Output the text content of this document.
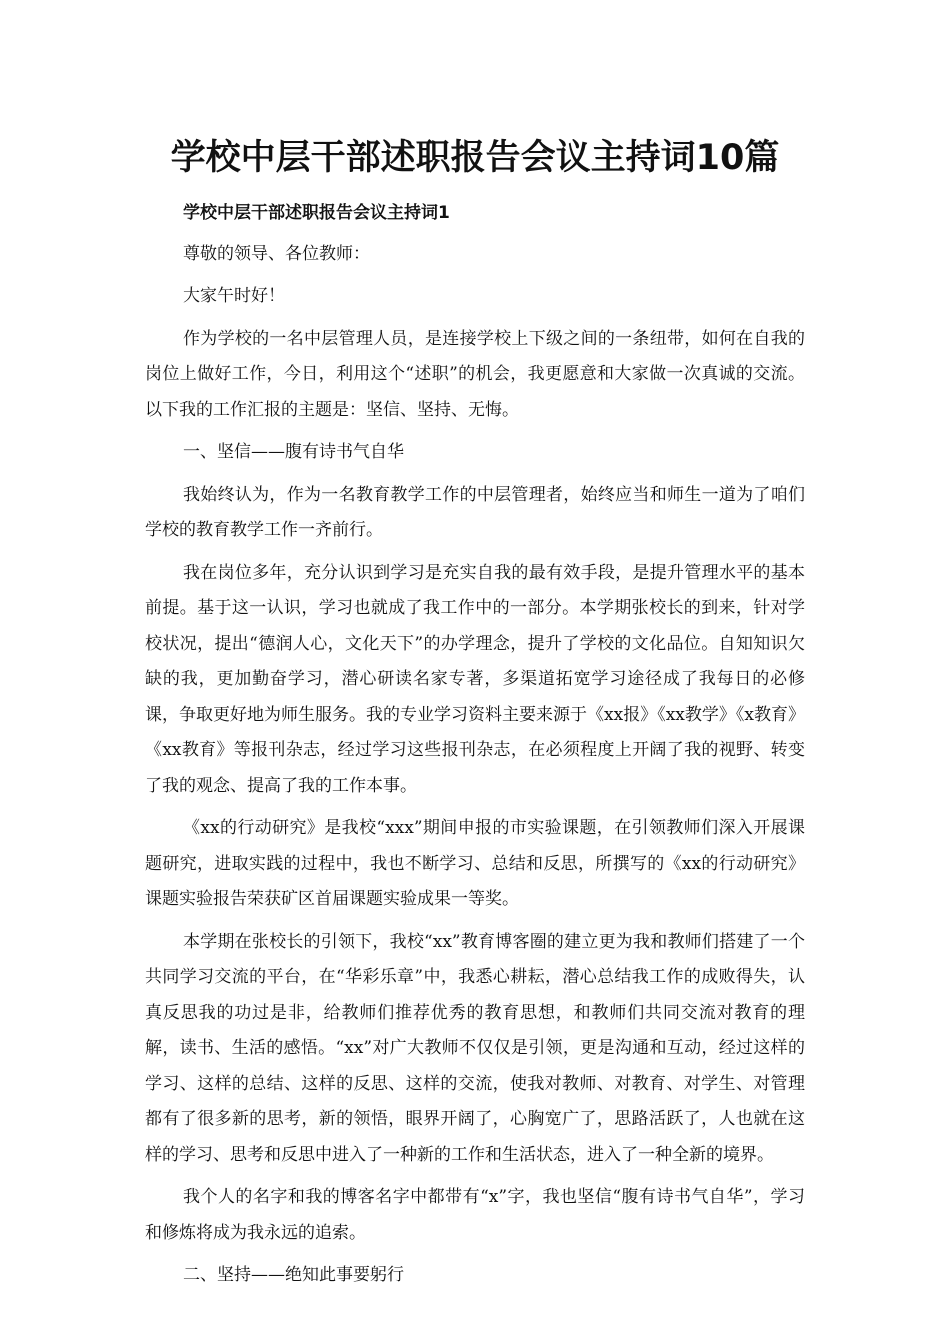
学校中层干部述职报告会议主持词10篇

学校中层干部述职报告会议主持词1

尊敬的领导、各位教师：

大家午时好！

作为学校的一名中层管理人员，是连接学校上下级之间的一条纽带，如何在自我的岗位上做好工作，今日，利用这个“述职”的机会，我更愿意和大家做一次真诚的交流。以下我的工作汇报的主题是：坚信、坚持、无悔。

一、坚信——腹有诗书气自华

我始终认为，作为一名教育教学工作的中层管理者，始终应当和师生一道为了咱们学校的教育教学工作一齐前行。

我在岗位多年，充分认识到学习是充实自我的最有效手段，是提升管理水平的基本前提。基于这一认识，学习也就成了我工作中的一部分。本学期张校长的到来，针对学校状况，提出“德润人心，文化天下”的办学理念，提升了学校的文化品位。自知知识欠缺的我，更加勤奋学习，潜心研读名家专著，多渠道拓宽学习途径成了我每日的必修课，争取更好地为师生服务。我的专业学习资料主要来源于《xx报》《xx教学》《x教育》《xx教育》等报刊杂志，经过学习这些报刊杂志，在必须程度上开阔了我的视野、转变了我的观念、提高了我的工作本事。

《xx的行动研究》是我校“xxx”期间申报的市实验课题，在引领教师们深入开展课题研究，进取实践的过程中，我也不断学习、总结和反思，所撰写的《xx的行动研究》课题实验报告荣获矿区首届课题实验成果一等奖。

本学期在张校长的引领下，我校“xx”教育博客圈的建立更为我和教师们搭建了一个共同学习交流的平台，在“华彩乐章”中，我悉心耕耘，潜心总结我工作的成败得失，认真反思我的功过是非，给教师们推荐优秀的教育思想，和教师们共同交流对教育的理解，读书、生活的感悟。“xx”对广大教师不仅仅是引领，更是沟通和互动，经过这样的学习、这样的总结、这样的反思、这样的交流，使我对教师、对教育、对学生、对管理都有了很多新的思考，新的领悟，眼界开阔了，心胸宽广了，思路活跃了，人也就在这样的学习、思考和反思中进入了一种新的工作和生活状态，进入了一种全新的境界。

我个人的名字和我的博客名字中都带有“x”字，我也坚信“腹有诗书气自华”，学习和修炼将成为我永远的追索。

二、坚持——绝知此事要躬行
